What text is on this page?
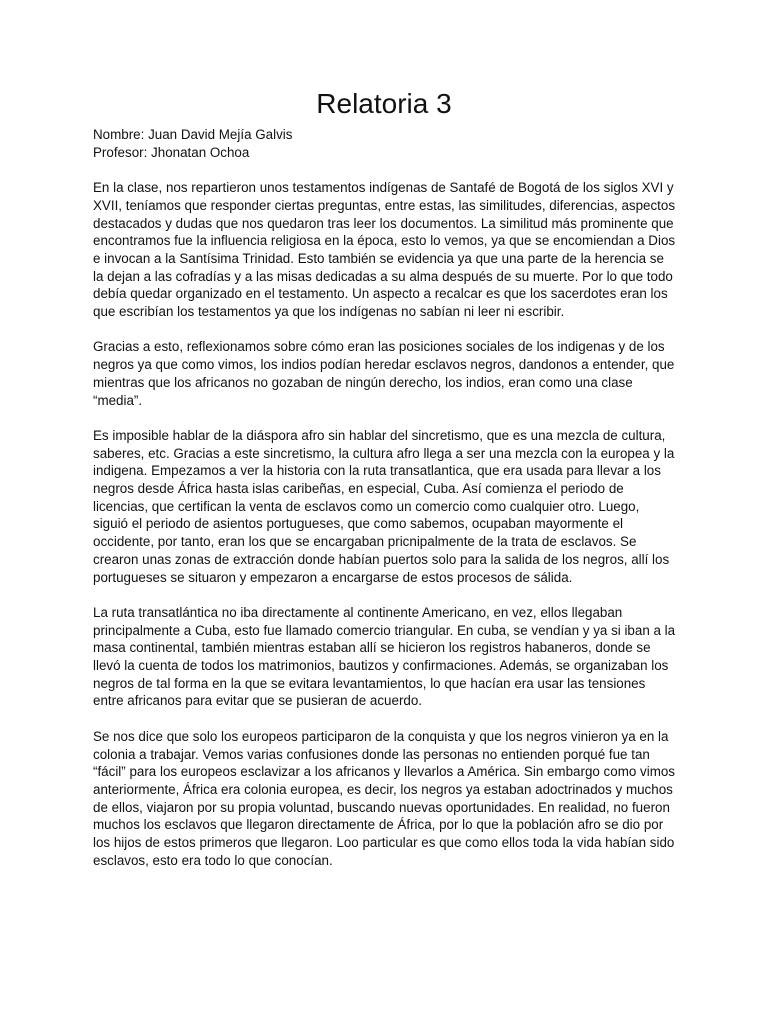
Relatoria 3

Nombre: Juan David Mejía Galvis

Profesor: Jhonatan Ochoa

En la clase, nos repartieron unos testamentos indígenas de Santafé de Bogotá de los siglos XVI y XVII, teníamos que responder ciertas preguntas, entre estas, las similitudes, diferencias, aspectos destacados y dudas que nos quedaron tras leer los documentos. La similitud más prominente que encontramos fue la influencia religiosa en la época, esto lo vemos, ya que se encomiendan a Dios e invocan a la Santísima Trinidad. Esto también se evidencia ya que una parte de la herencia se la dejan a las cofradías y a las misas dedicadas a su alma después de su muerte. Por lo que todo debía quedar organizado en el testamento. Un aspecto a recalcar es que los sacerdotes eran los que escribían los testamentos ya que los indígenas no sabían ni leer ni escribir.

Gracias a esto, reflexionamos sobre cómo eran las posiciones sociales de los indigenas y de los negros ya que como vimos, los indios podían heredar esclavos negros, dandonos a entender, que mientras que los africanos no gozaban de ningún derecho, los indios, eran como una clase “media”.

Es imposible hablar de la diáspora afro sin hablar del sincretismo, que es una mezcla de cultura, saberes, etc. Gracias a este sincretismo, la cultura afro llega a ser una mezcla con la europea y la indigena. Empezamos a ver la historia con la ruta transatlantica, que era usada para llevar a los negros desde África hasta islas caribeñas, en especial, Cuba. Así comienza el periodo de licencias, que certifican la venta de esclavos como un comercio como cualquier otro. Luego, siguió el periodo de asientos portugueses, que como sabemos, ocupaban mayormente el occidente, por tanto, eran los que se encargaban pricnipalmente de la trata de esclavos. Se crearon unas zonas de extracción donde habían puertos solo para la salida de los negros, allí los portugueses se situaron y empezaron a encargarse de estos procesos de sálida.

La ruta transatlántica no iba directamente al continente Americano, en vez, ellos llegaban principalmente a Cuba, esto fue llamado comercio triangular. En cuba, se vendían y ya si iban a la masa continental, también mientras estaban allí se hicieron los registros habaneros, donde se llevó la cuenta de todos los matrimonios, bautizos y confirmaciones. Además, se organizaban los negros de tal forma en la que se evitara levantamientos, lo que hacían era usar las tensiones entre africanos para evitar que se pusieran de acuerdo.

Se nos dice que solo los europeos participaron de la conquista y que los negros vinieron ya en la colonia a trabajar. Vemos varias confusiones donde las personas no entienden porqué fue tan “fácil” para los europeos esclavizar a los africanos y llevarlos a América. Sin embargo como vimos anteriormente, África era colonia europea, es decir, los negros ya estaban adoctrinados y muchos de ellos, viajaron por su propia voluntad, buscando nuevas oportunidades. En realidad, no fueron muchos los esclavos que llegaron directamente de África, por lo que la población afro se dio por los hijos de estos primeros que llegaron. Loo particular es que como ellos toda la vida habían sido esclavos, esto era todo lo que conocían.
